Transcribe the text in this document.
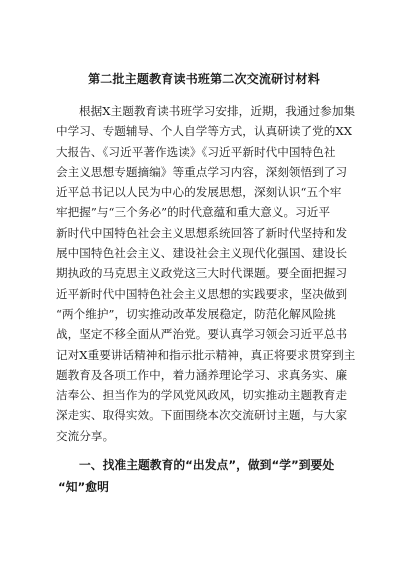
第二批主题教育读书班第二次交流研讨材料
根据X主题教育读书班学习安排，近期，我通过参加集
中学习、专题辅导、个人自学等方式，认真研读了党的XX
大报告、《习近平著作选读》《习近平新时代中国特色社
会主义思想专题摘编》等重点学习内容，深刻领悟到了习
近平总书记以人民为中心的发展思想，深刻认识“五个牢
牢把握”与“三个务必”的时代意蕴和重大意义。习近平
新时代中国特色社会主义思想系统回答了新时代坚持和发
展中国特色社会主义、建设社会主义现代化强国、建设长
期执政的马克思主义政党这三大时代课题。要全面把握习
近平新时代中国特色社会主义思想的实践要求，坚决做到
“两个维护”，切实推动改革发展稳定，防范化解风险挑
战，坚定不移全面从严治党。要认真学习领会习近平总书
记对X重要讲话精神和指示批示精神，真正将要求贯穿到主
题教育及各项工作中，着力涵养理论学习、求真务实、廉
洁奉公、担当作为的学风党风政风，切实推动主题教育走
深走实、取得实效。下面围绕本次交流研讨主题，与大家
交流分享。
一、找准主题教育的“出发点”，做到“学”到要处
“知”愈明
